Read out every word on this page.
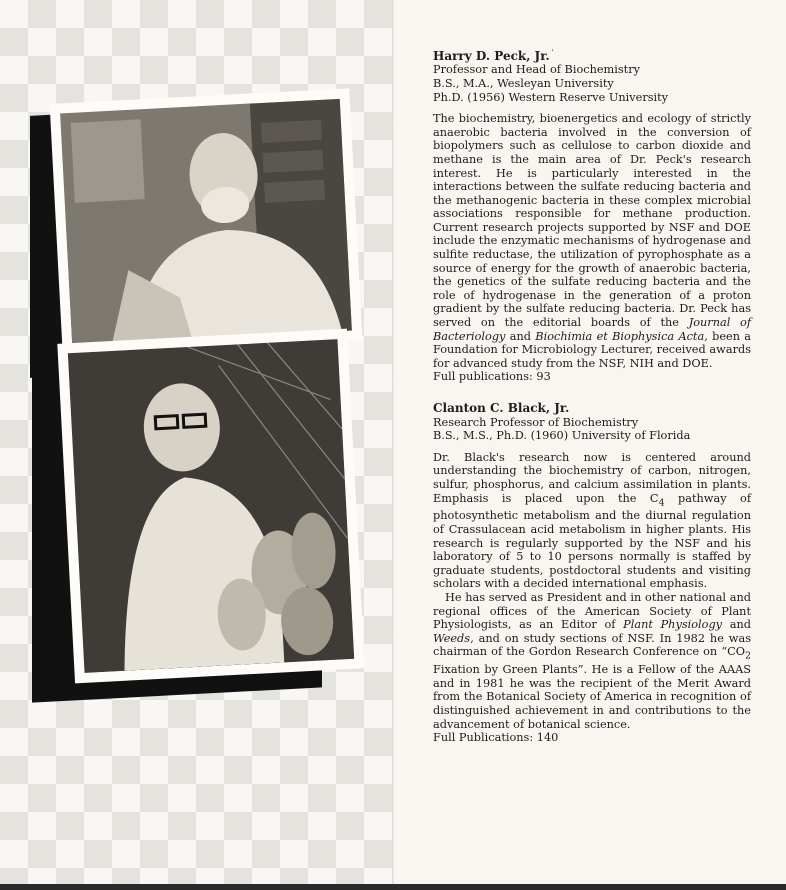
Harry D. Peck, Jr. '
Professor and Head of Biochemistry
B.S., M.A., Wesleyan University
Ph.D. (1956) Western Reserve University

The biochemistry, bioenergetics and ecology of strictly anaerobic bacteria involved in the conversion of biopolymers such as cellulose to carbon dioxide and methane is the main area of Dr. Peck's research interest. He is particularly interested in the interactions between the sulfate reducing bacteria and the methanogenic bacteria in these complex microbial associations responsible for methane production. Current research projects supported by NSF and DOE include the enzymatic mechanisms of hydrogenase and sulfite reductase, the utilization of pyrophosphate as a source of energy for the growth of anaerobic bacteria, the genetics of the sulfate reducing bacteria and the role of hydrogenase in the generation of a proton gradient by the sulfate reducing bacteria. Dr. Peck has served on the editorial boards of the Journal of Bacteriology and Biochimia et Biophysica Acta, been a Foundation for Microbiology Lecturer, received awards for advanced study from the NSF, NIH and DOE.
Full publications: 93

Clanton C. Black, Jr.
Research Professor of Biochemistry
B.S., M.S., Ph.D. (1960) University of Florida

Dr. Black's research now is centered around understanding the biochemistry of carbon, nitrogen, sulfur, phosphorus, and calcium assimilation in plants. Emphasis is placed upon the $C_4$ pathway of photosynthetic metabolism and the diurnal regulation of Crassulacean acid metabolism in higher plants. His research is regularly supported by the NSF and his laboratory of 5 to 10 persons normally is staffed by graduate students, postdoctoral students and visiting scholars with a decided international emphasis.

He has served as President and in other national and regional offices of the American Society of Plant Physiologists, as an Editor of Plant Physiology and Weeds, and on study sections of NSF. In 1982 he was chairman of the Gordon Research Conference on “$CO_2$ Fixation by Green Plants”. He is a Fellow of the AAAS and in 1981 he was the recipient of the Merit Award from the Botanical Society of America in recognition of distinguished achievement in and contributions to the advancement of botanical science.

Full Publications: 140
